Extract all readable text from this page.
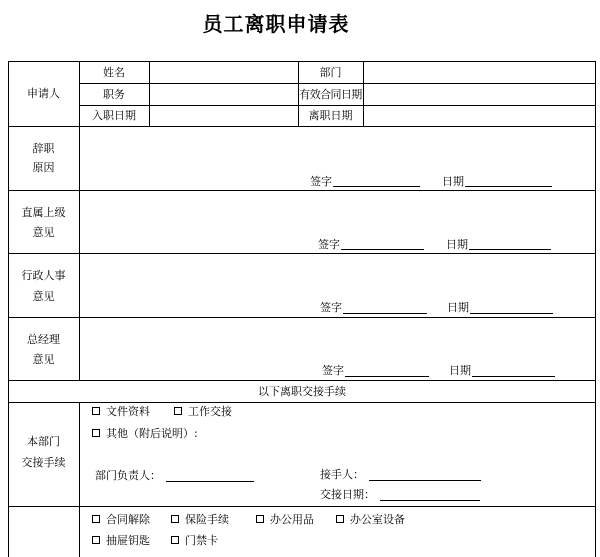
员工离职申请表
申请人
姓名	部门
职务	有效合同日期
入职日期	离职日期
辞职
原因
签字	日期
直属上级
意见
签字	日期
行政人事
意见
签字	日期
总经理
意见
签字	日期
以下离职交接手续
本部门
交接手续
文件资料	工作交接
其他（附后说明）:
部门负责人：	接手人：
交接日期：
合同解除	保险手续	办公用品	办公室设备
抽屉钥匙	门禁卡
